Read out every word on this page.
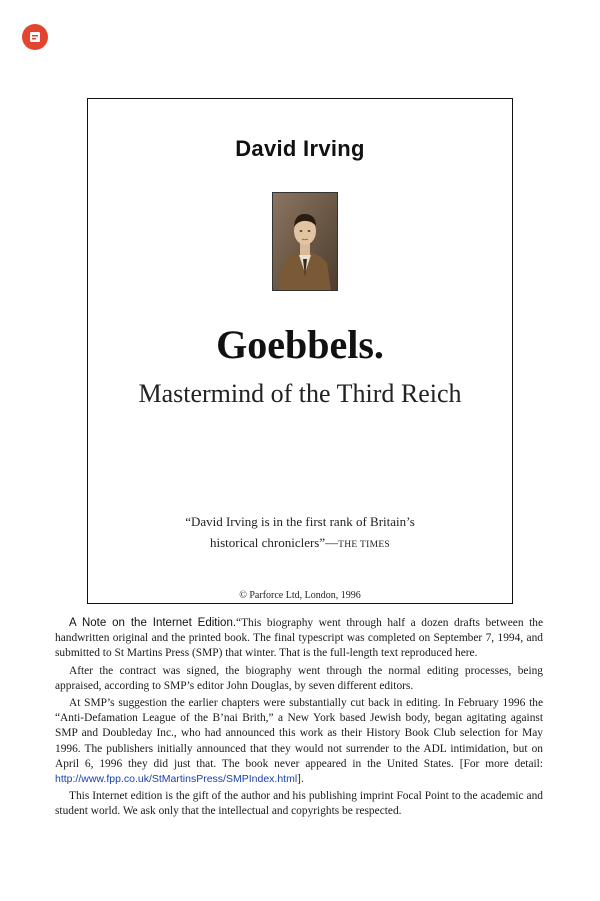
David Irving
Goebbels.
Mastermind of the Third Reich
“David Irving is in the first rank of Britain’s
historical chroniclers”—THE TIMES
© Parforce Ltd, London, 1996

A Note on the Internet Edition.“This biography went through half a dozen drafts between the handwritten original and the printed book. The final typescript was completed on September 7, 1994, and submitted to St Martins Press (SMP) that winter. That is the full-length text reproduced here.

After the contract was signed, the biography went through the normal editing processes, being appraised, according to SMP’s editor John Douglas, by seven different editors.

At SMP’s suggestion the earlier chapters were substantially cut back in editing. In February 1996 the “Anti-Defamation League of the B’nai Brith,” a New York based Jewish body, began agitating against SMP and Doubleday Inc., who had announced this work as their History Book Club selection for May 1996. The publishers initially announced that they would not surrender to the ADL intimidation, but on April 6, 1996 they did just that. The book never appeared in the United States. [For more detail: http://www.fpp.co.uk/StMartinsPress/SMPIndex.html].

This Internet edition is the gift of the author and his publishing imprint Focal Point to the academic and student world. We ask only that the intellectual and copyrights be respected.
